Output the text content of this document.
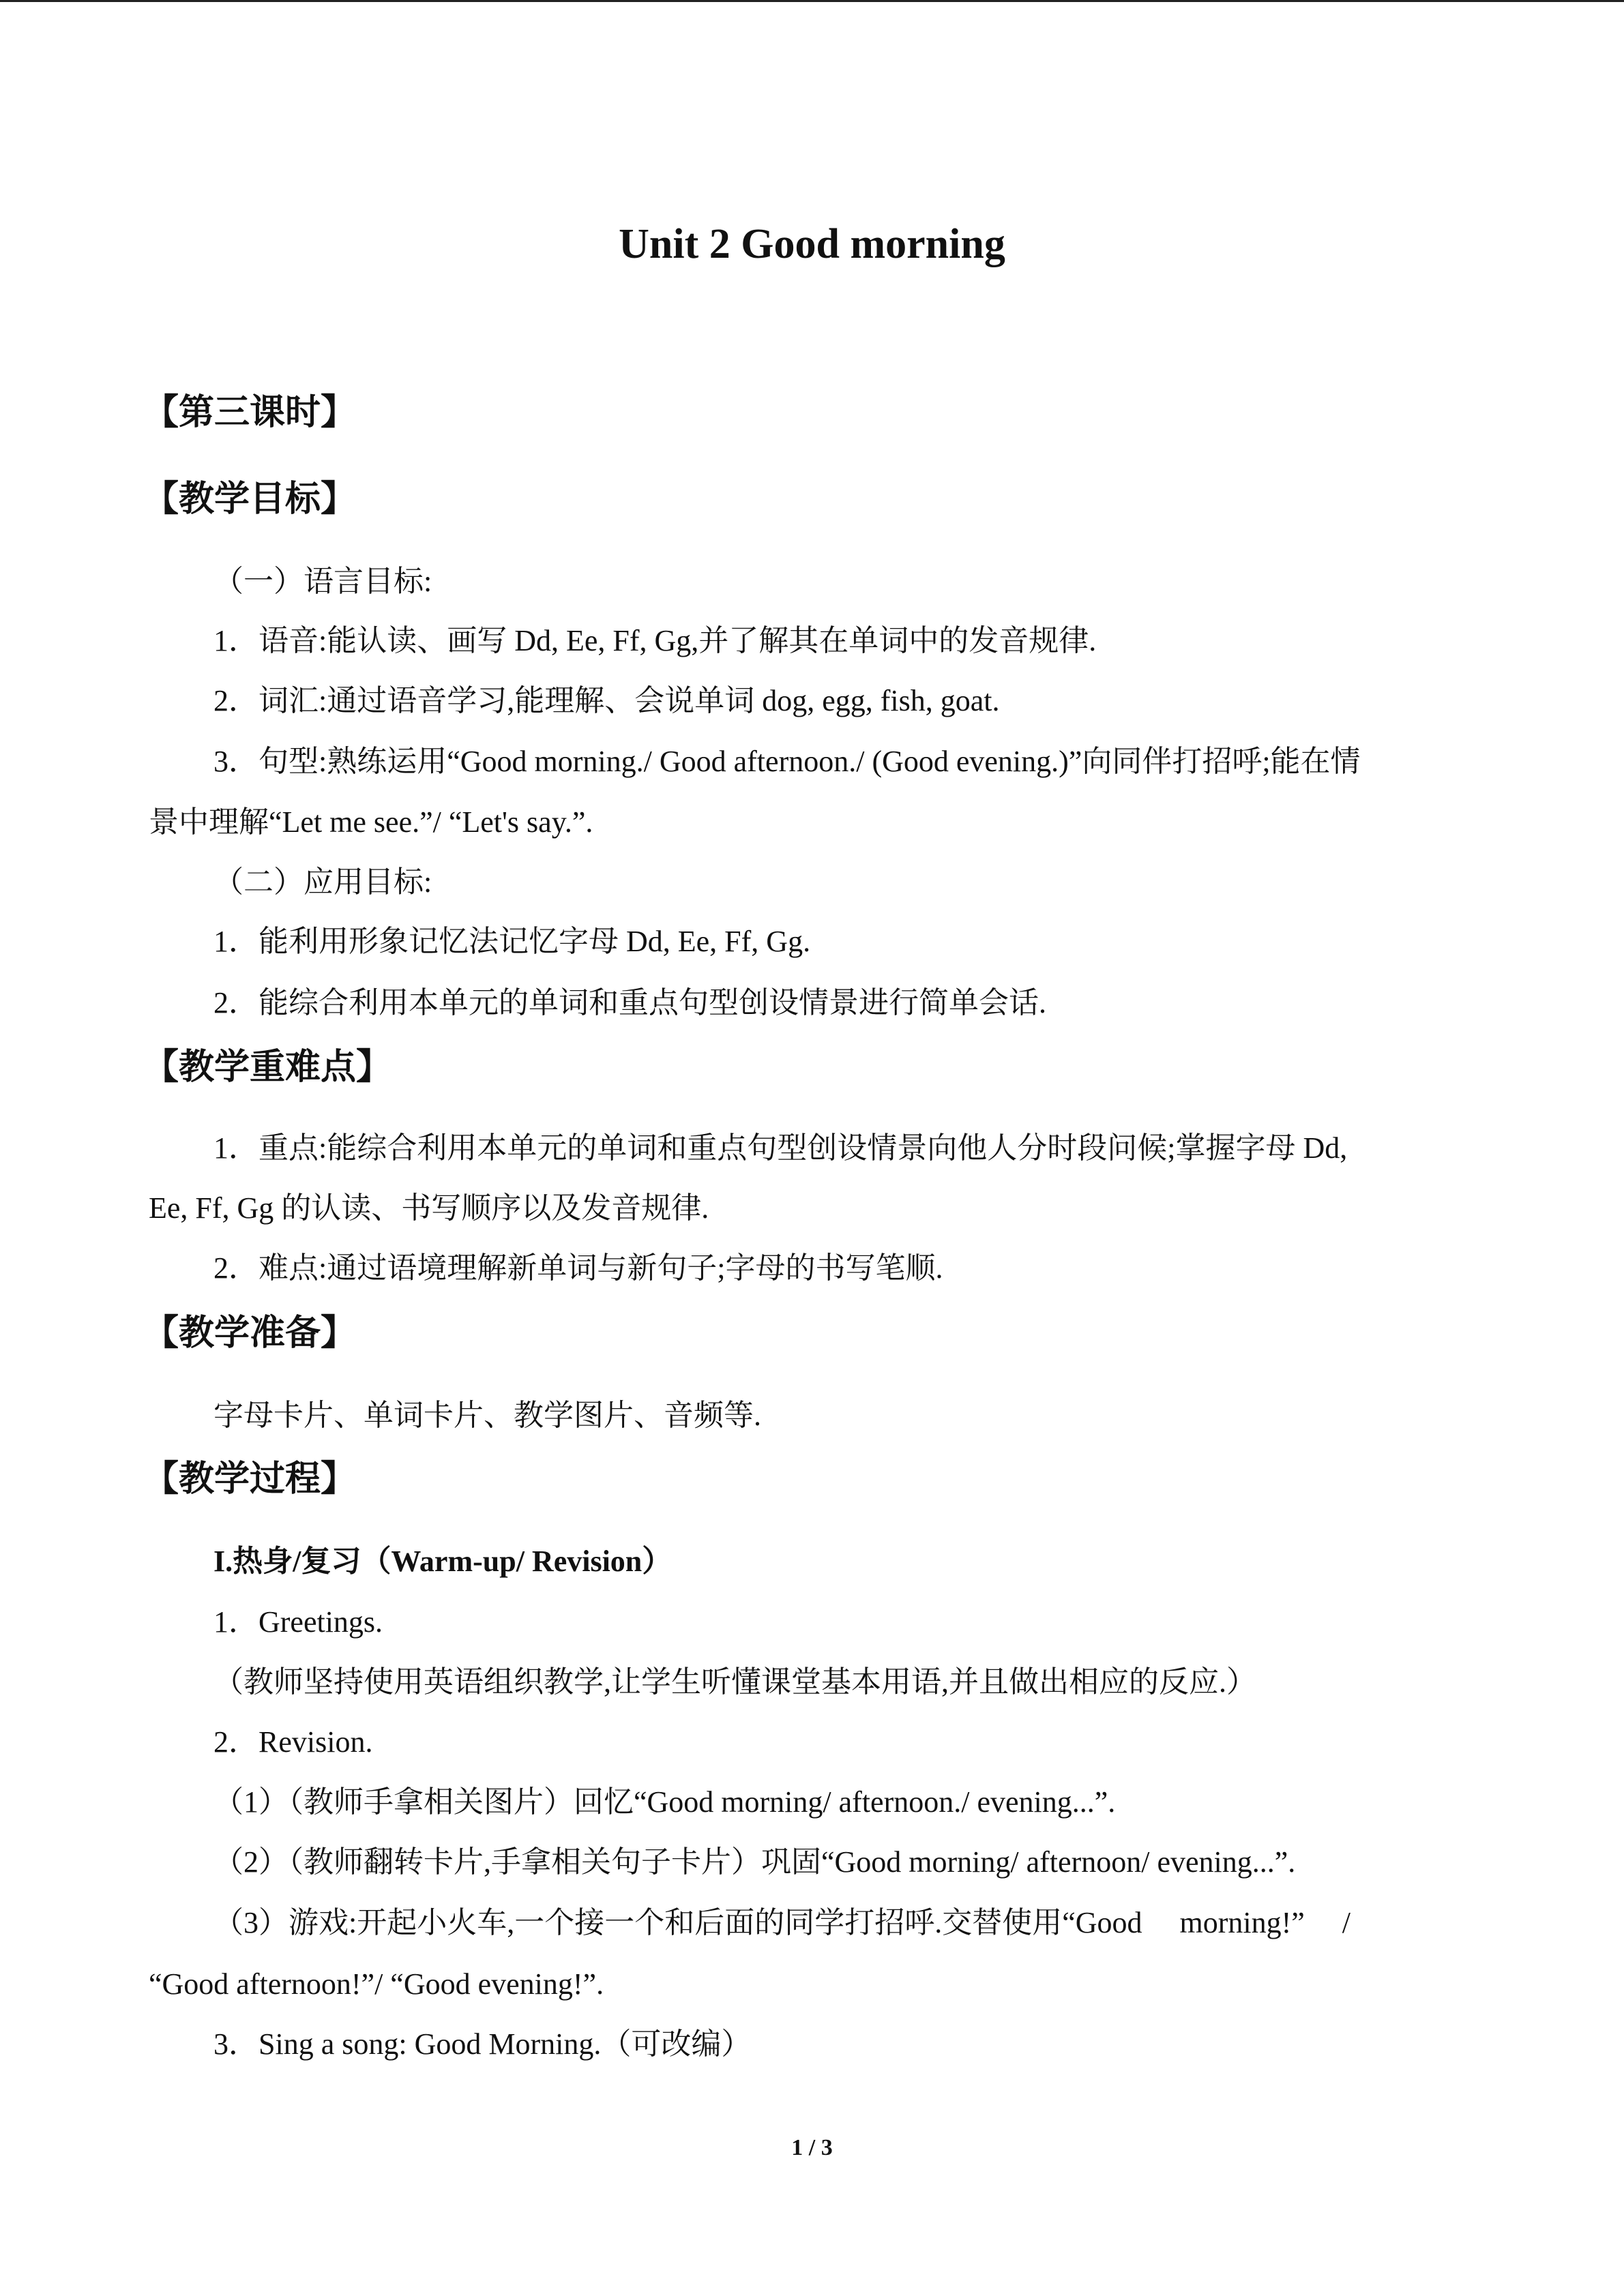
Unit 2 Good morning
【第三课时】
【教学目标】
（一）语言目标:
1．语音:能认读、画写 Dd, Ee, Ff, Gg,并了解其在单词中的发音规律.
2．词汇:通过语音学习,能理解、会说单词 dog, egg, fish, goat.
3．句型:熟练运用“Good morning./ Good afternoon./ (Good evening.)”向同伴打招呼;能在情
景中理解“Let me see.”/ “Let's say.”.
（二）应用目标:
1．能利用形象记忆法记忆字母 Dd, Ee, Ff, Gg.
2．能综合利用本单元的单词和重点句型创设情景进行简单会话.
【教学重难点】
1．重点:能综合利用本单元的单词和重点句型创设情景向他人分时段问候;掌握字母 Dd,
Ee, Ff, Gg 的认读、书写顺序以及发音规律.
2．难点:通过语境理解新单词与新句子;字母的书写笔顺.
【教学准备】
字母卡片、单词卡片、教学图片、音频等.
【教学过程】
I.热身/复习（Warm-up/ Revision）
1．Greetings.
（教师坚持使用英语组织教学,让学生听懂课堂基本用语,并且做出相应的反应.）
2．Revision.
（1）（教师手拿相关图片）回忆“Good morning/ afternoon./ evening...”.
（2）（教师翻转卡片,手拿相关句子卡片）巩固“Good morning/ afternoon/ evening...”.
（3）游戏:开起小火车,一个接一个和后面的同学打招呼.交替使用“Good　 morning!”　 /
“Good afternoon!”/ “Good evening!”.
3．Sing a song: Good Morning.（可改编）
1 / 3
